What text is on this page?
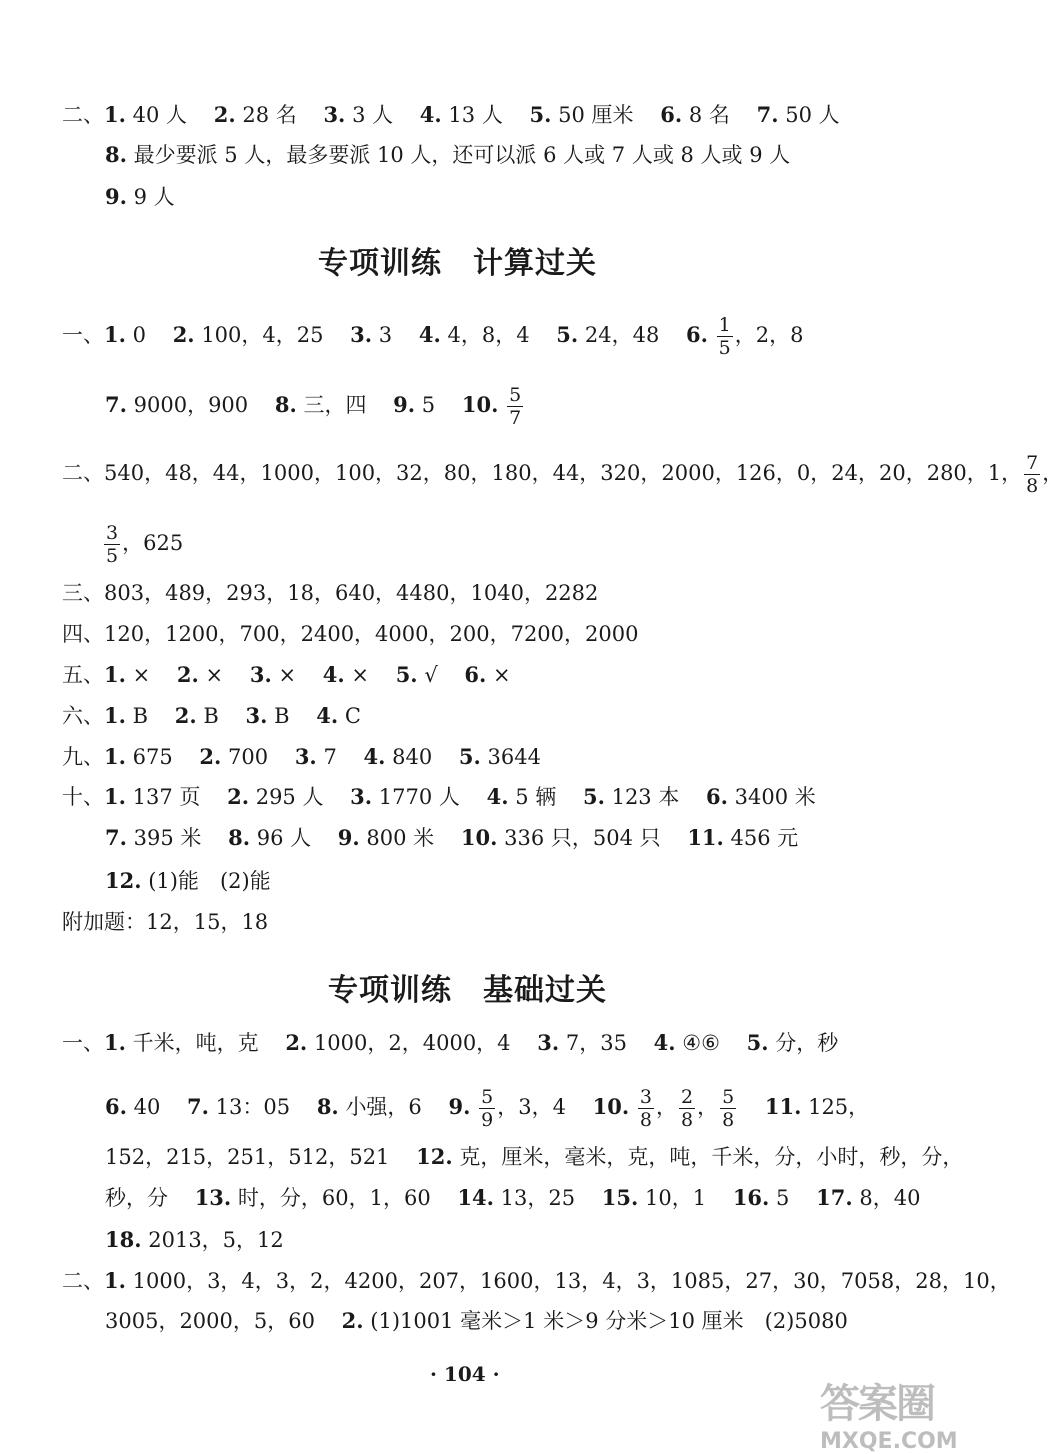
二、1. 40 人 2. 28 名 3. 3 人 4. 13 人 5. 50 厘米 6. 8 名 7. 50 人
8. 最少要派 5 人，最多要派 10 人，还可以派 6 人或 7 人或 8 人或 9 人
9. 9 人
专项训练　计算过关
一、1. 0 2. 100，4，25 3. 3 4. 4，8，4 5. 24，48 6. $\frac{1}{5}$ ，2，8
7. 9000，900 8. 三，四 9. 5 10. $\frac{5}{7}$
二、540，48，44，1000，100，32，80，180，44，320，2000，126，0，24，20，280，1， $\frac{7}{8}$ ，
$\frac{3}{5}$ ，625
三、803，489，293，18，640，4480，1040，2282
四、120，1200，700，2400，4000，200，7200，2000
五、1. × 2. × 3. × 4. × 5. √ 6. ×
六、1. B 2. B 3. B 4. C
九、1. 675 2. 700 3. 7 4. 840 5. 3644
十、1. 137 页 2. 295 人 3. 1770 人 4. 5 辆 5. 123 本 6. 3400 米
7. 395 米 8. 96 人 9. 800 米 10. 336 只，504 只 11. 456 元
12. (1)能　(2)能
附加题：12，15，18
专项训练　基础过关
一、1. 千米，吨，克 2. 1000，2，4000，4 3. 7，35 4. ④⑥ 5. 分，秒
6. 40 7. 13：05 8. 小强，6 9. $\frac{5}{9}$ ，3，4 10. $\frac{3}{8}$ ， $\frac{2}{8}$ ， $\frac{5}{8} 11$. 125，
152，215，251，512，521 12. 克，厘米，毫米，克，吨，千米，分，小时，秒，分，
秒，分 13. 时，分，60，1，60 14. 13，25 15. 10，1 16. 5 17. 8，40
18. 2013，5，12
二、1. 1000，3，4，3，2，4200，207，1600，13，4，3，1085，27，30，7058，28，10，
3005，2000，5，60 2. (1)1001 毫米＞1 米＞9 分米＞10 厘米　(2)5080
· 104 ·
答案圈
MXQE.COM
